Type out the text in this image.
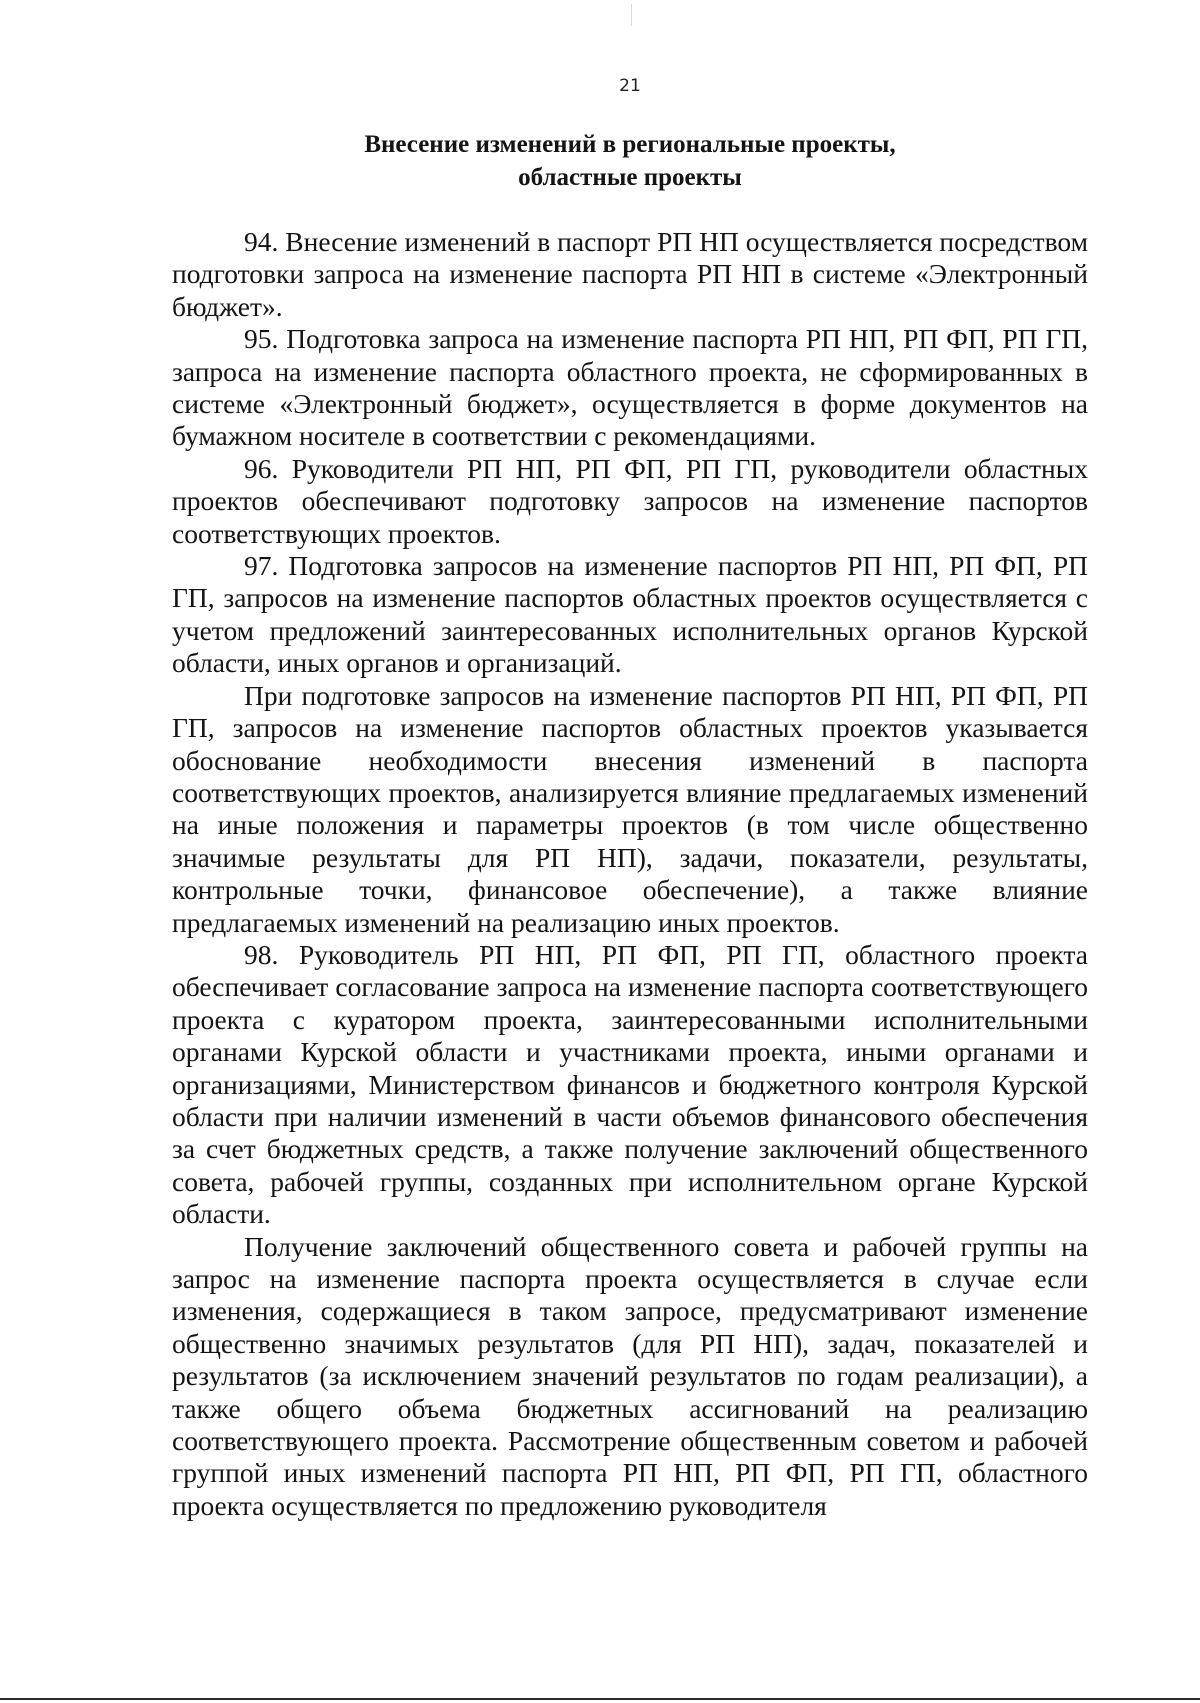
21
Внесение изменений в региональные проекты,
областные проекты

94. Внесение изменений в паспорт РП НП осуществляется посредством подготовки запроса на изменение паспорта РП НП в системе «Электронный бюджет».

95. Подготовка запроса на изменение паспорта РП НП, РП ФП, РП ГП, запроса на изменение паспорта областного проекта, не сформированных в системе «Электронный бюджет», осуществляется в форме документов на бумажном носителе в соответствии с рекомендациями.

96. Руководители РП НП, РП ФП, РП ГП, руководители областных проектов обеспечивают подготовку запросов на изменение паспортов соответствующих проектов.

97. Подготовка запросов на изменение паспортов РП НП, РП ФП, РП ГП, запросов на изменение паспортов областных проектов осуществляется с учетом предложений заинтересованных исполнительных органов Курской области, иных органов и организаций.

При подготовке запросов на изменение паспортов РП НП, РП ФП, РП ГП, запросов на изменение паспортов областных проектов указывается обоснование необходимости внесения изменений в паспорта соответствующих проектов, анализируется влияние предлагаемых изменений на иные положения и параметры проектов (в том числе общественно значимые результаты для РП НП), задачи, показатели, результаты, контрольные точки, финансовое обеспечение), а также влияние предлагаемых изменений на реализацию иных проектов.

98. Руководитель РП НП, РП ФП, РП ГП, областного проекта обеспечивает согласование запроса на изменение паспорта соответствующего проекта с куратором проекта, заинтересованными исполнительными органами Курской области и участниками проекта, иными органами и организациями, Министерством финансов и бюджетного контроля Курской области при наличии изменений в части объемов финансового обеспечения за счет бюджетных средств, а также получение заключений общественного совета, рабочей группы, созданных при исполнительном органе Курской области.

Получение заключений общественного совета и рабочей группы на запрос на изменение паспорта проекта осуществляется в случае если изменения, содержащиеся в таком запросе, предусматривают изменение общественно значимых результатов (для РП НП), задач, показателей и результатов (за исключением значений результатов по годам реализации), а также общего объема бюджетных ассигнований на реализацию соответствующего проекта. Рассмотрение общественным советом и рабочей группой иных изменений паспорта РП НП, РП ФП, РП ГП, областного проекта осуществляется по предложению руководителя
